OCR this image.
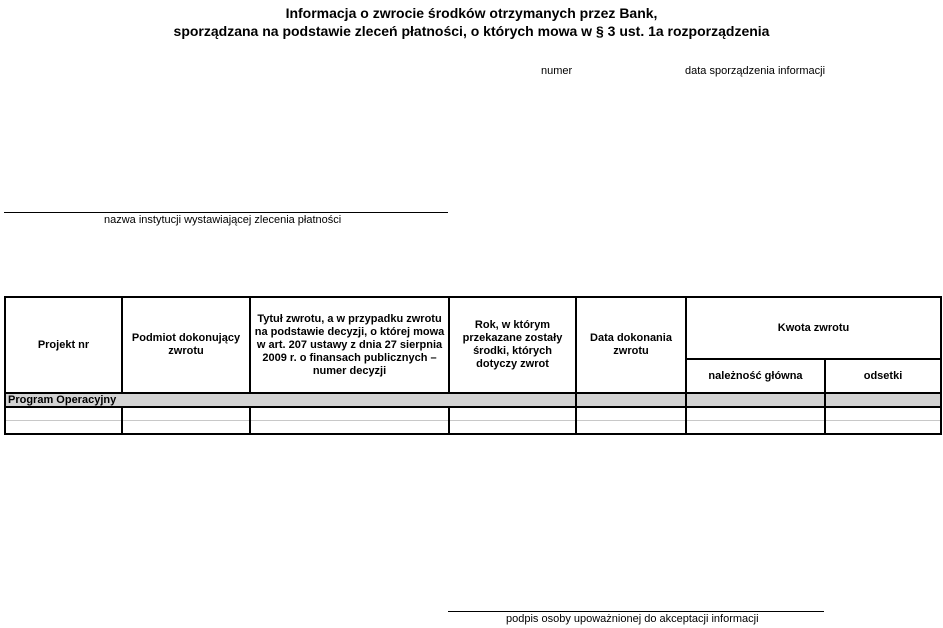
Informacja o zwrocie środków otrzymanych przez Bank,
sporządzana na podstawie zleceń płatności, o których mowa w § 3 ust. 1a rozporządzenia
numer	data sporządzenia informacji
nazwa instytucji wystawiającej zlecenia płatności
Projekt nr	Podmiot dokonujący zwrotu	Tytuł zwrotu, a w przypadku zwrotu na podstawie decyzji, o której mowa w art. 207 ustawy z dnia 27 sierpnia 2009 r. o finansach publicznych – numer decyzji	Rok, w którym przekazane zostały środki, których dotyczy zwrot	Data dokonania zwrotu	Kwota zwrotu	
					należność główna	odsetki
Program Operacyjny						

podpis osoby upoważnionej do akceptacji informacji
